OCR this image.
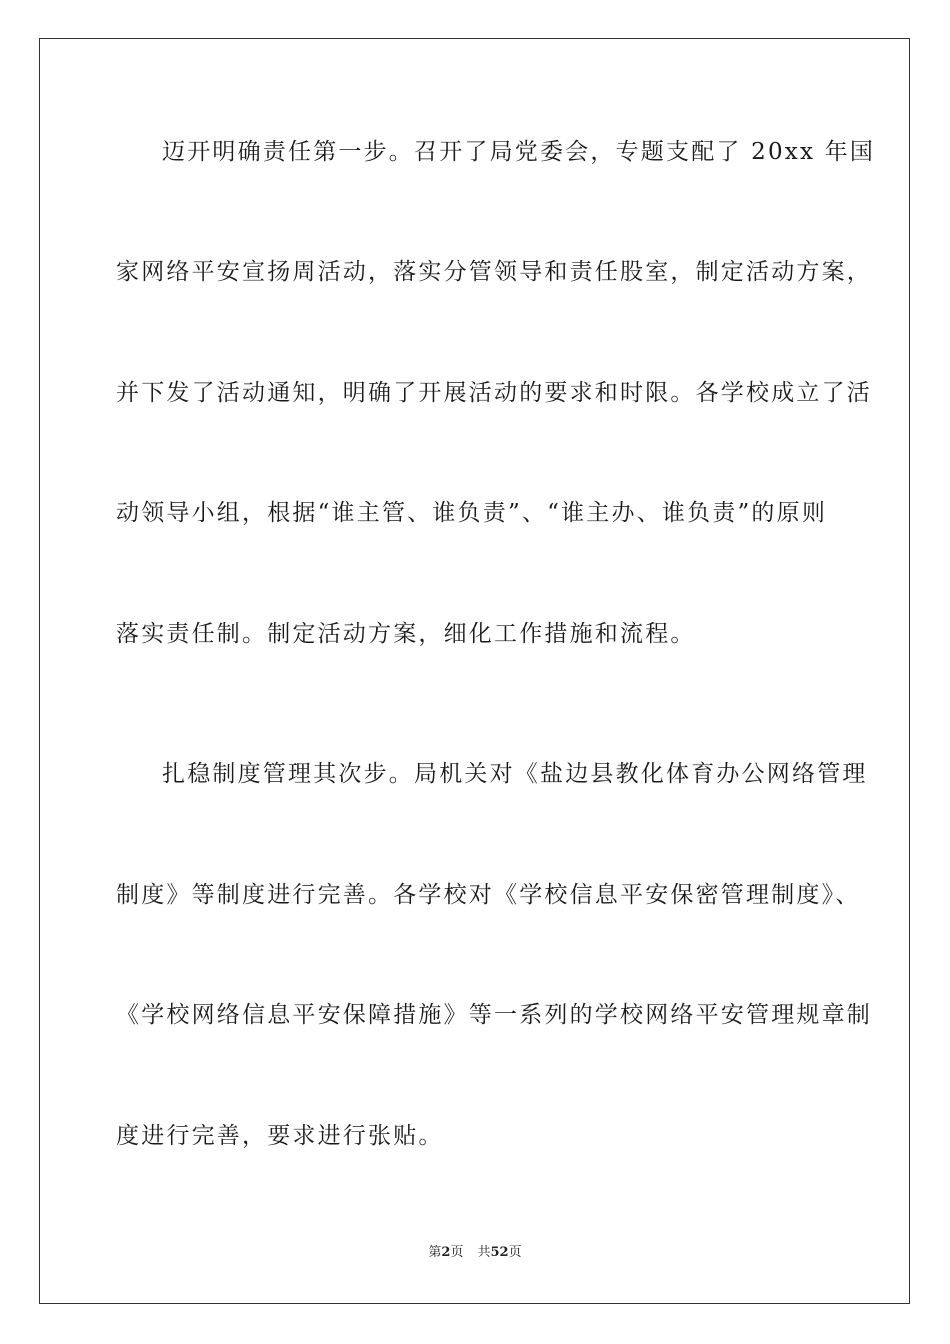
迈开明确责任第一步。召开了局党委会，专题支配了 20xx 年国
家网络平安宣扬周活动，落实分管领导和责任股室，制定活动方案，
并下发了活动通知，明确了开展活动的要求和时限。各学校成立了活
动领导小组，根据“谁主管、谁负责”、“谁主办、谁负责”的原则
落实责任制。制定活动方案，细化工作措施和流程。
扎稳制度管理其次步。局机关对《盐边县教化体育办公网络管理
制度》等制度进行完善。各学校对《学校信息平安保密管理制度》、
《学校网络信息平安保障措施》等一系列的学校网络平安管理规章制
度进行完善，要求进行张贴。
第2页 共52页
